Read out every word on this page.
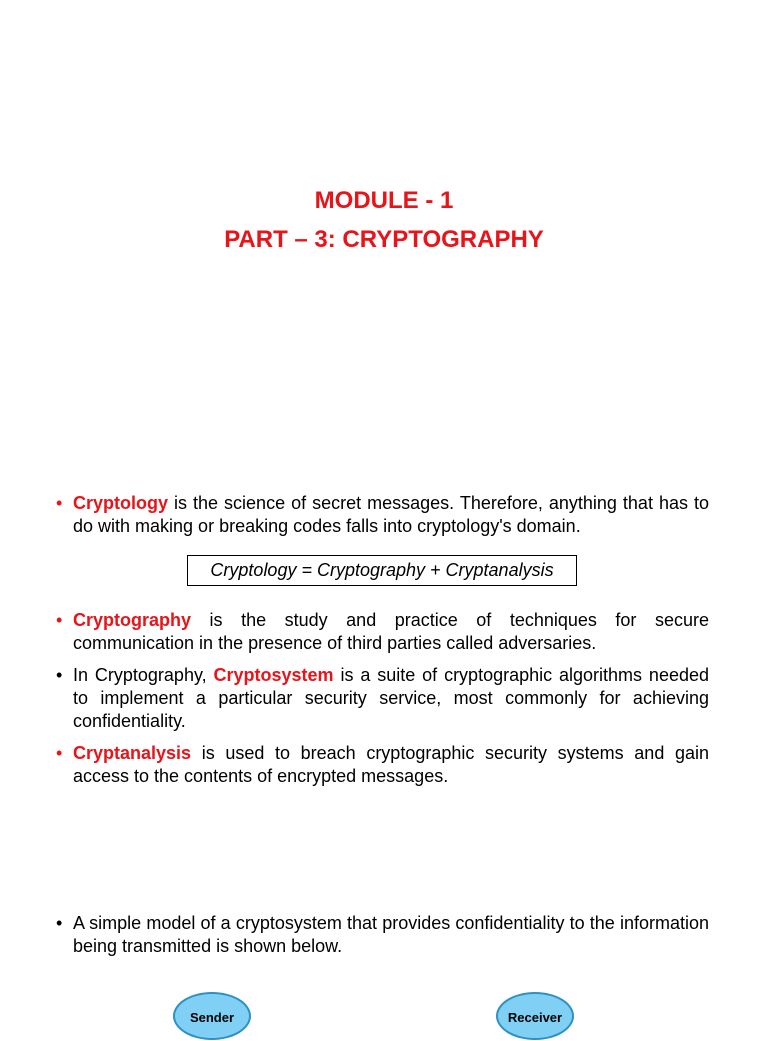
MODULE - 1
PART – 3: CRYPTOGRAPHY
• Cryptology is the science of secret messages. Therefore, anything that has to do with making or breaking codes falls into cryptology's domain.
Cryptology = Cryptography + Cryptanalysis
• Cryptography is the study and practice of techniques for secure communication in the presence of third parties called adversaries.
• In Cryptography, Cryptosystem is a suite of cryptographic algorithms needed to implement a particular security service, most commonly for achieving confidentiality.
• Cryptanalysis is used to breach cryptographic security systems and gain access to the contents of encrypted messages.
• A simple model of a cryptosystem that provides confidentiality to the information being transmitted is shown below.
Sender	Receiver
